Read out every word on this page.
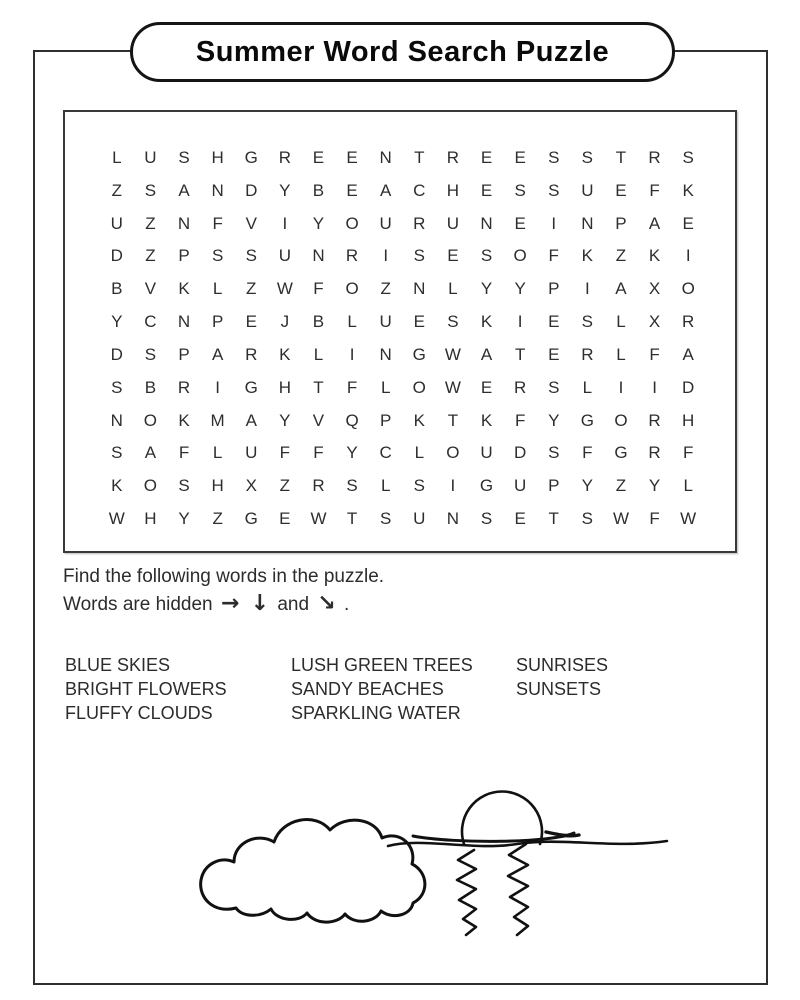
Summer Word Search Puzzle
L U S H G R E E N T R E E S S T R S
Z S A N D Y B E A C H E S S U E F K
U Z N F V I Y O U R U N E I N P A E
D Z P S S U N R I S E S O F K Z K I
B V K L Z W F O Z N L Y Y P I A X O
Y C N P E J B L U E S K I E S L X R
D S P A R K L I N G W A T E R L F A
S B R I G H T F L O W E R S L I I D
N O K M A Y V Q P K T K F Y G O R H
S A F L U F F Y C L O U D S F G R F
K O S H X Z R S L S I G U P Y Z Y L
W H Y Z G E W T S U N S E T S W F W
Find the following words in the puzzle.
Words are hidden → ↓ and ↘ .
BLUE SKIES
BRIGHT FLOWERS
FLUFFY CLOUDS
LUSH GREEN TREES
SANDY BEACHES
SPARKLING WATER
SUNRISES
SUNSETS
